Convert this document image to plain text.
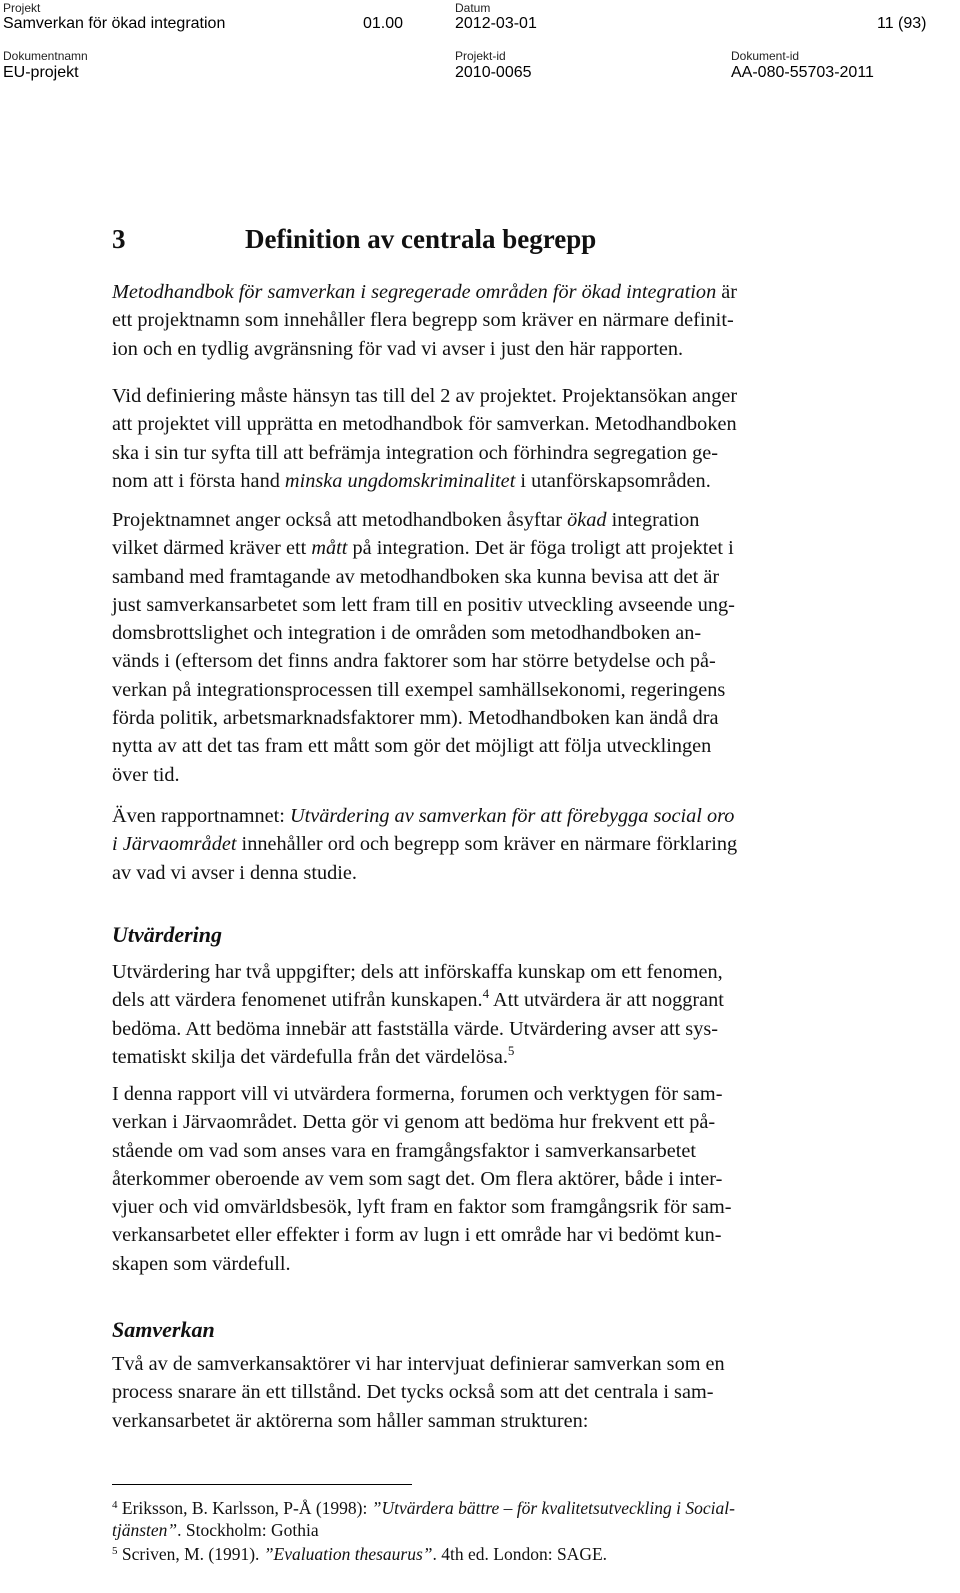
Projekt
Samverkan för ökad integration	01.00
Datum
2012-03-01	11 (93)
Dokumentnamn
EU-projekt
Projekt-id
2010-0065
Dokument-id
AA-080-55703-2011
3	Definition av centrala begrepp

Metodhandbok för samverkan i segregerade områden för ökad integration är
ett projektnamn som innehåller flera begrepp som kräver en närmare definit-
ion och en tydlig avgränsning för vad vi avser i just den här rapporten.

Vid definiering måste hänsyn tas till del 2 av projektet. Projektansökan anger
att projektet vill upprätta en metodhandbok för samverkan. Metodhandboken
ska i sin tur syfta till att befrämja integration och förhindra segregation ge-
nom att i första hand minska ungdomskriminalitet i utanförskapsområden.

Projektnamnet anger också att metodhandboken åsyftar ökad integration
vilket därmed kräver ett mått på integration. Det är föga troligt att projektet i
samband med framtagande av metodhandboken ska kunna bevisa att det är
just samverkansarbetet som lett fram till en positiv utveckling avseende ung-
domsbrottslighet och integration i de områden som metodhandboken an-
vänds i (eftersom det finns andra faktorer som har större betydelse och på-
verkan på integrationsprocessen till exempel samhällsekonomi, regeringens
förda politik, arbetsmarknadsfaktorer mm). Metodhandboken kan ändå dra
nytta av att det tas fram ett mått som gör det möjligt att följa utvecklingen
över tid.

Även rapportnamnet: Utvärdering av samverkan för att förebygga social oro
i Järvaområdet innehåller ord och begrepp som kräver en närmare förklaring
av vad vi avser i denna studie.

Utvärdering

Utvärdering har två uppgifter; dels att införskaffa kunskap om ett fenomen,
dels att värdera fenomenet utifrån kunskapen.$^4$ Att utvärdera är att noggrant
bedöma. Att bedöma innebär att fastställa värde. Utvärdering avser att sys-
tematiskt skilja det värdefulla från det värdelösa.$^5$

I denna rapport vill vi utvärdera formerna, forumen och verktygen för sam-
verkan i Järvaområdet. Detta gör vi genom att bedöma hur frekvent ett på-
stående om vad som anses vara en framgångsfaktor i samverkansarbetet
återkommer oberoende av vem som sagt det. Om flera aktörer, både i inter-
vjuer och vid omvärldsbesök, lyft fram en faktor som framgångsrik för sam-
verkansarbetet eller effekter i form av lugn i ett område har vi bedömt kun-
skapen som värdefull.

Samverkan

Två av de samverkansaktörer vi har intervjuat definierar samverkan som en
process snarare än ett tillstånd. Det tycks också som att det centrala i sam-
verkansarbetet är aktörerna som håller samman strukturen:

$^4$ Eriksson, B. Karlsson, P-Å (1998): ”Utvärdera bättre – för kvalitetsutveckling i Social-
tjänsten”. Stockholm: Gothia
$^5$ Scriven, M. (1991). ”Evaluation thesaurus”. 4th ed. London: SAGE.
